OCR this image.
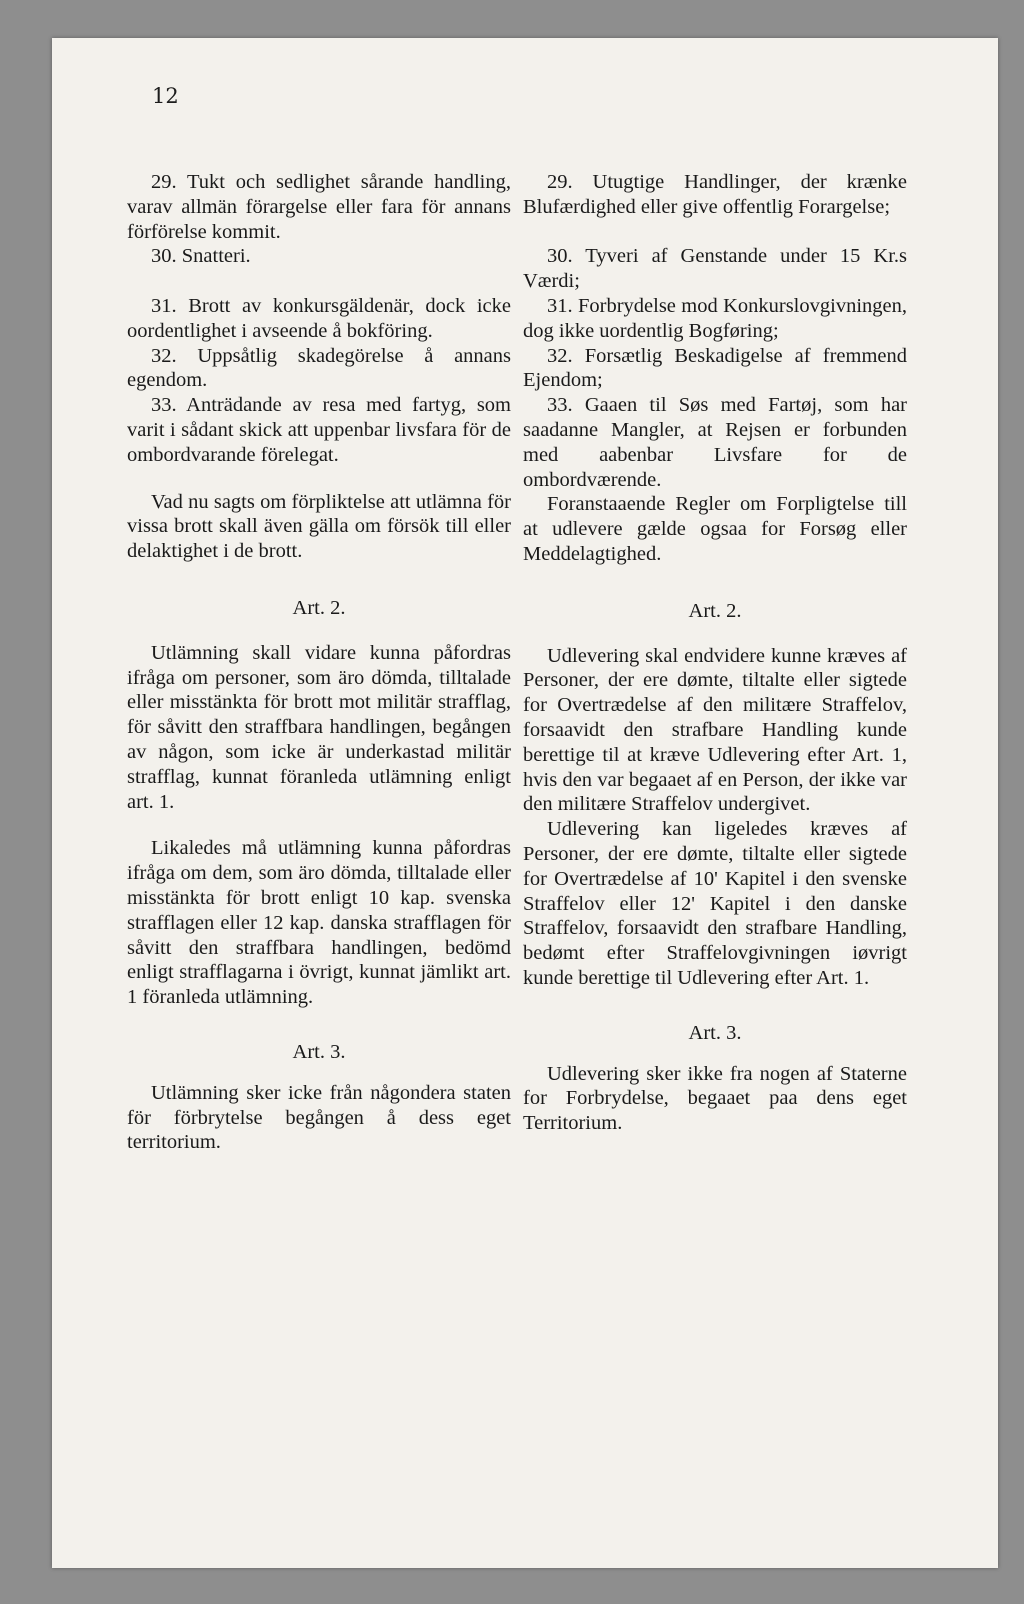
12

29. Tukt och sedlighet sårande handling, varav allmän förargelse eller fara för annans förförelse kommit.

30. Snatteri.

31. Brott av konkursgäldenär, dock icke oordentlighet i avseende å bokföring.

32. Uppsåtlig skadegörelse å annans egendom.

33. Anträdande av resa med fartyg, som varit i sådant skick att uppenbar livsfara för de ombordvarande förelegat.

Vad nu sagts om förpliktelse att utlämna för vissa brott skall även gälla om försök till eller delaktighet i de brott.

Art. 2.

Utlämning skall vidare kunna påfordras ifråga om personer, som äro dömda, tilltalade eller misstänkta för brott mot militär strafflag, för såvitt den straffbara handlingen, begången av någon, som icke är underkastad militär strafflag, kunnat föranleda utlämning enligt art. 1.

Likaledes må utlämning kunna påfordras ifråga om dem, som äro dömda, tilltalade eller misstänkta för brott enligt 10 kap. svenska strafflagen eller 12 kap. danska strafflagen för såvitt den straffbara handlingen, bedömd enligt strafflagarna i övrigt, kunnat jämlikt art. 1 föranleda utlämning.

Art. 3.

Utlämning sker icke från någondera staten för förbrytelse begången å dess eget territorium.

29. Utugtige Handlinger, der krænke Blufærdighed eller give offentlig Forargelse;

30. Tyveri af Genstande under 15 Kr.s Værdi;

31. Forbrydelse mod Konkurslovgivningen, dog ikke uordentlig Bogføring;

32. Forsætlig Beskadigelse af fremmend Ejendom;

33. Gaaen til Søs med Fartøj, som har saadanne Mangler, at Rejsen er forbunden med aabenbar Livsfare for de ombordværende.

Foranstaaende Regler om Forpligtelse till at udlevere gælde ogsaa for Forsøg eller Meddelagtighed.

Art. 2.

Udlevering skal endvidere kunne kræves af Personer, der ere dømte, tiltalte eller sigtede for Overtrædelse af den militære Straffelov, forsaavidt den strafbare Handling kunde berettige til at kræve Udlevering efter Art. 1, hvis den var begaaet af en Person, der ikke var den militære Straffelov undergivet.

Udlevering kan ligeledes kræves af Personer, der ere dømte, tiltalte eller sigtede for Overtrædelse af 10' Kapitel i den svenske Straffelov eller 12' Kapitel i den danske Straffelov, forsaavidt den strafbare Handling, bedømt efter Straffelovgivningen iøvrigt kunde berettige til Udlevering efter Art. 1.

Art. 3.

Udlevering sker ikke fra nogen af Staterne for Forbrydelse, begaaet paa dens eget Territorium.
